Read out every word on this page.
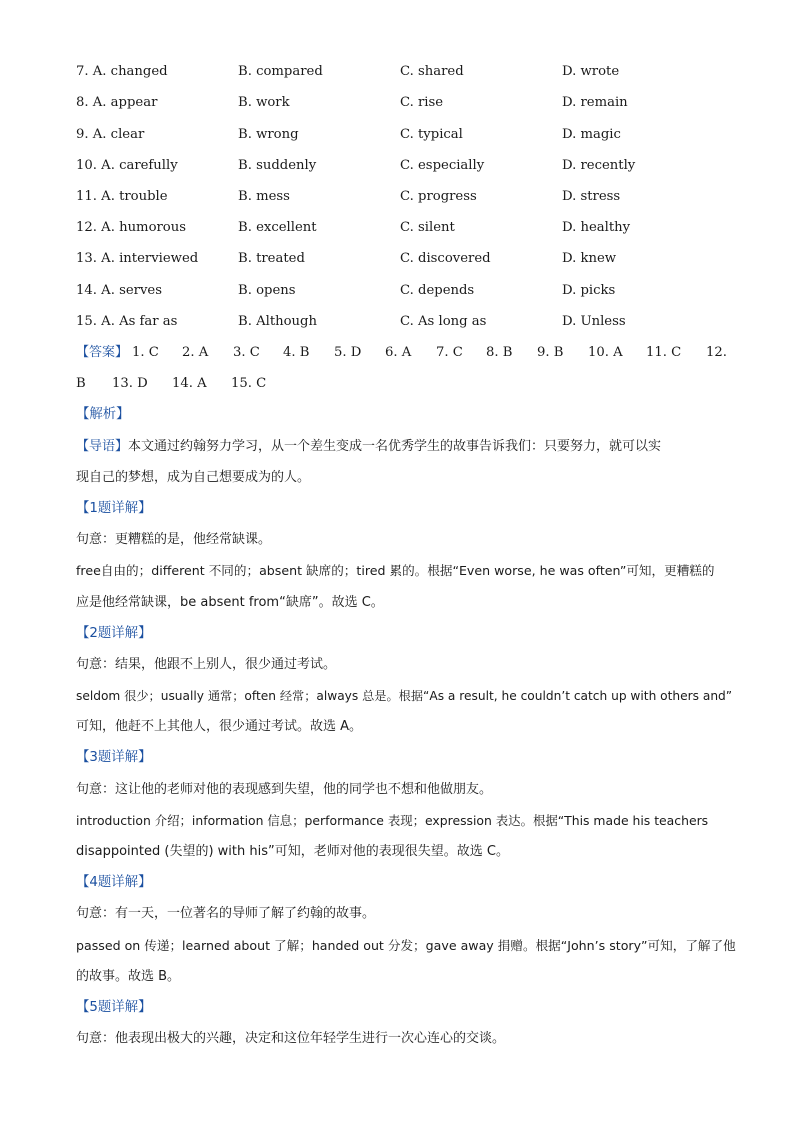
7. A. changed	B. compared	C. shared	D. wrote
8. A. appear	B. work	C. rise	D. remain
9. A. clear	B. wrong	C. typical	D. magic
10. A. carefully	B. suddenly	C. especially	D. recently
11. A. trouble	B. mess	C. progress	D. stress
12. A. humorous	B. excellent	C. silent	D. healthy
13. A. interviewed	B. treated	C. discovered	D. knew
14. A. serves	B. opens	C. depends	D. picks
15. A. As far as	B. Although	C. As long as	D. Unless
【答案】 1. C 2. A 3. C 4. B 5. D 6. A 7. C 8. B 9. B 10. A 11. C 12.
B 13. D 14. A 15. C
【解析】
【导语】本文通过约翰努力学习，从一个差生变成一名优秀学生的故事告诉我们：只要努力，就可以实
现自己的梦想，成为自己想要成为的人。
【1题详解】
句意：更糟糕的是，他经常缺课。
free自由的；different 不同的；absent 缺席的；tired 累的。根据“Even worse, he was often”可知，更糟糕的
应是他经常缺课，be absent from“缺席”。故选 C。
【2题详解】
句意：结果，他跟不上别人，很少通过考试。
seldom 很少；usually 通常；often 经常；always 总是。根据“As a result, he couldn’t catch up with others and”
可知，他赶不上其他人，很少通过考试。故选 A。
【3题详解】
句意：这让他的老师对他的表现感到失望，他的同学也不想和他做朋友。
introduction 介绍；information 信息；performance 表现；expression 表达。根据“This made his teachers
disappointed (失望的) with his”可知，老师对他的表现很失望。故选 C。
【4题详解】
句意：有一天，一位著名的导师了解了约翰的故事。
passed on 传递；learned about 了解；handed out 分发；gave away 捐赠。根据“John’s story”可知，了解了他
的故事。故选 B。
【5题详解】
句意：他表现出极大的兴趣，决定和这位年轻学生进行一次心连心的交谈。
